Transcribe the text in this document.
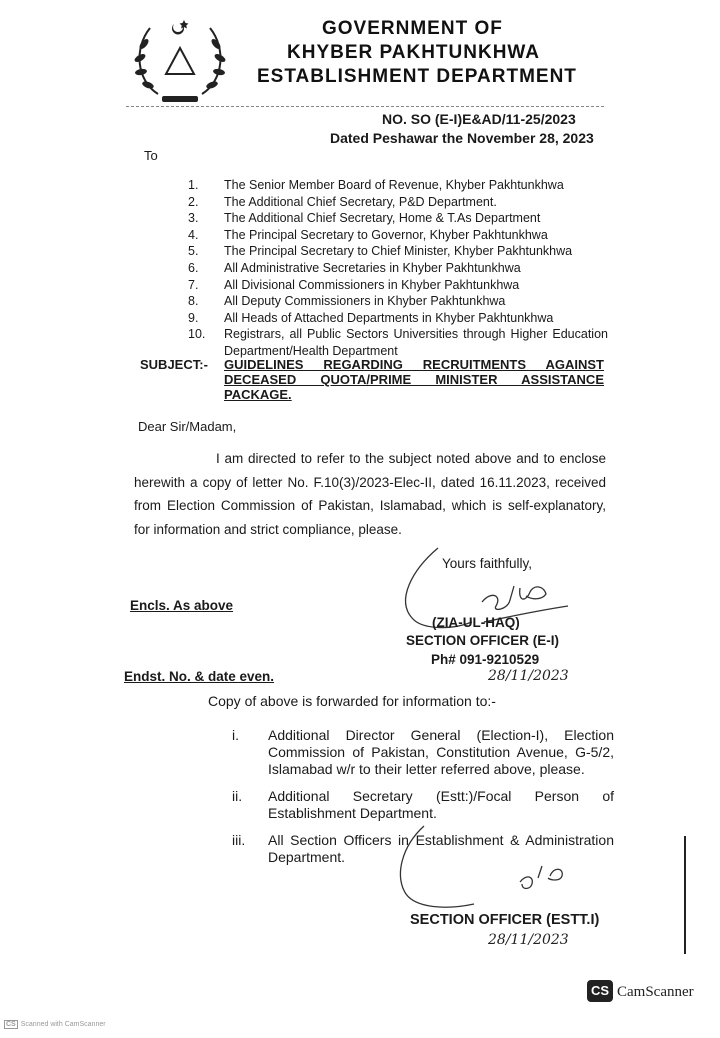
GOVERNMENT OF
KHYBER PAKHTUNKHWA
ESTABLISHMENT DEPARTMENT
NO. SO (E-I)E&AD/11-25/2023
Dated Peshawar the November 28, 2023
To
1.	The Senior Member Board of Revenue, Khyber Pakhtunkhwa
2.	The Additional Chief Secretary, P&D Department.
3.	The Additional Chief Secretary, Home & T.As Department
4.	The Principal Secretary to Governor, Khyber Pakhtunkhwa
5.	The Principal Secretary to Chief Minister, Khyber Pakhtunkhwa
6.	All Administrative Secretaries in Khyber Pakhtunkhwa
7.	All Divisional Commissioners in Khyber Pakhtunkhwa
8.	All Deputy Commissioners in Khyber Pakhtunkhwa
9.	All Heads of Attached Departments in Khyber Pakhtunkhwa
10.	Registrars, all Public Sectors Universities through Higher Education Department/Health Department
SUBJECT:- GUIDELINES REGARDING RECRUITMENTS AGAINST
DECEASED QUOTA/PRIME MINISTER ASSISTANCE
PACKAGE.
Dear Sir/Madam,
I am directed to refer to the subject noted above and to enclose herewith a copy of letter No. F.10(3)/2023-Elec-II, dated 16.11.2023, received from Election Commission of Pakistan, Islamabad, which is self-explanatory, for information and strict compliance, please.
Yours faithfully,
Encls. As above
(ZIA-UL-HAQ)
SECTION OFFICER (E-I)
Ph# 091-9210529
28/11/2023
Endst. No. & date even.
Copy of above is forwarded for information to:-
i.	Additional Director General (Election-I), Election Commission of Pakistan, Constitution Avenue, G-5/2, Islamabad w/r to their letter referred above, please.
ii.	Additional Secretary (Estt:)/Focal Person of Establishment Department.
iii.	All Section Officers in Establishment & Administration Department.
SECTION OFFICER (ESTT.I)
28/11/2023
CS CamScanner
CS Scanned with CamScanner
